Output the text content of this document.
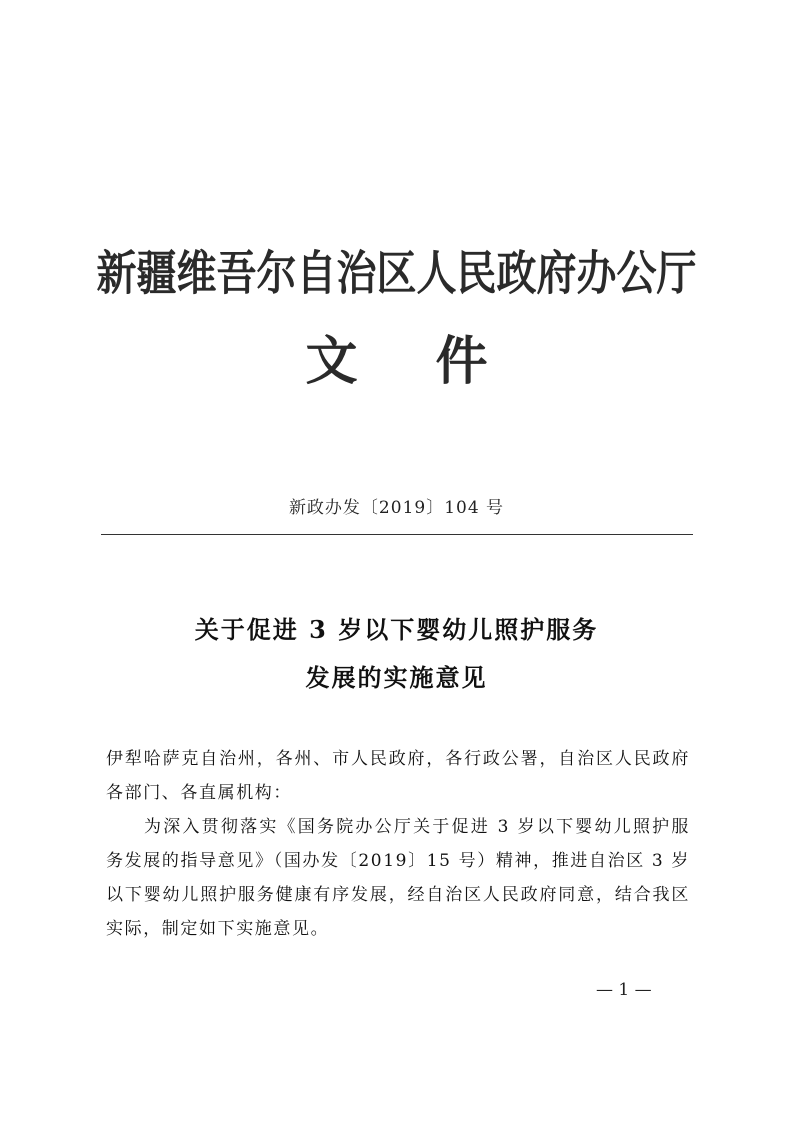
新疆维吾尔自治区人民政府办公厅
文件
新政办发〔2019〕104 号
关于促进 3 岁以下婴幼儿照护服务
发展的实施意见

伊犁哈萨克自治州，各州、市人民政府，各行政公署，自治区人民政府各部门、各直属机构：

为深入贯彻落实《国务院办公厅关于促进 3 岁以下婴幼儿照护服务发展的指导意见》（国办发〔2019〕15 号）精神，推进自治区 3 岁以下婴幼儿照护服务健康有序发展，经自治区人民政府同意，结合我区实际，制定如下实施意见。

— 1 —
